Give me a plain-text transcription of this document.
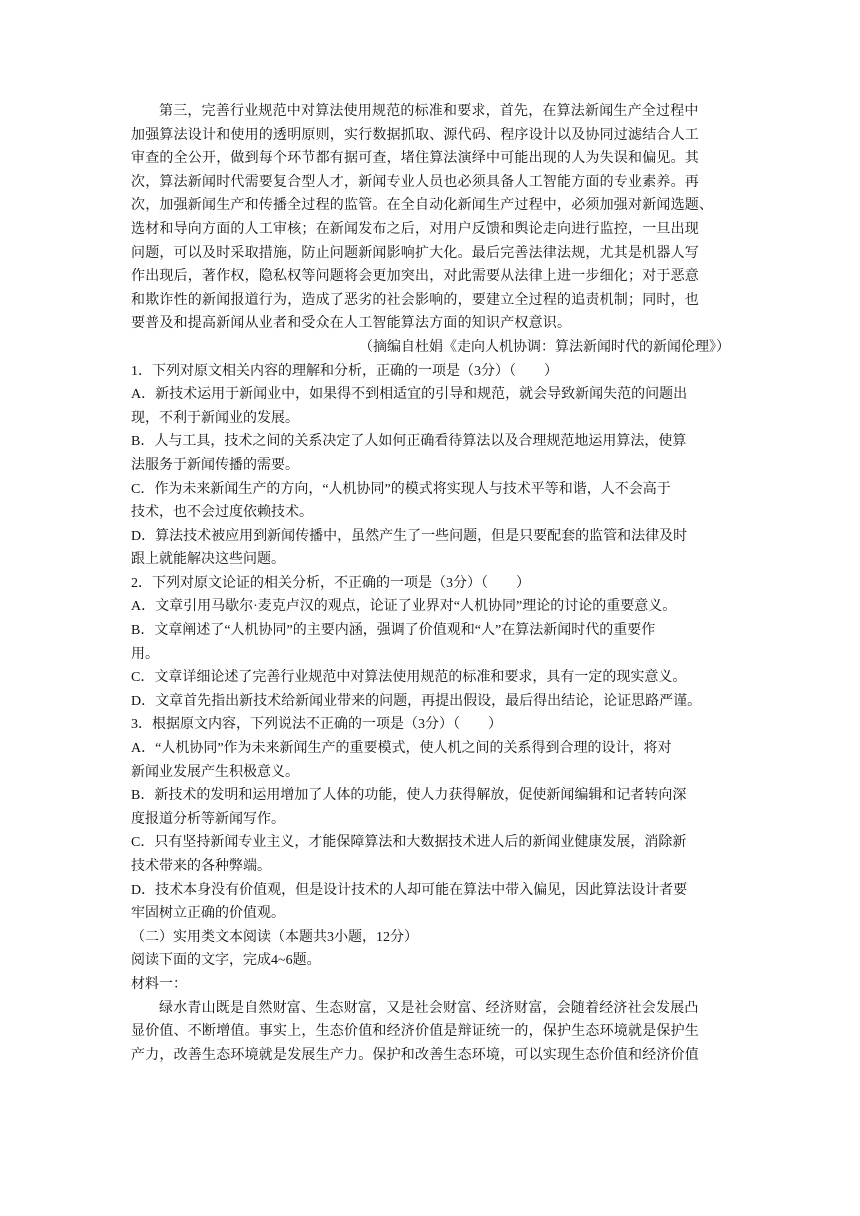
第三，完善行业规范中对算法使用规范的标准和要求，首先，在算法新闻生产全过程中
加强算法设计和使用的透明原则，实行数据抓取、源代码、程序设计以及协同过滤结合人工
审查的全公开，做到每个环节都有据可查，堵住算法演绎中可能出现的人为失误和偏见。其
次，算法新闻时代需要复合型人才，新闻专业人员也必须具备人工智能方面的专业素养。再
次，加强新闻生产和传播全过程的监管。在全自动化新闻生产过程中，必须加强对新闻选题、
选材和导向方面的人工审核；在新闻发布之后，对用户反馈和舆论走向进行监控，一旦出现
问题，可以及时采取措施，防止问题新闻影响扩大化。最后完善法律法规，尤其是机器人写
作出现后，著作权，隐私权等问题将会更加突出，对此需要从法律上进一步细化；对于恶意
和欺诈性的新闻报道行为，造成了恶劣的社会影响的，要建立全过程的追责机制；同时，也
要普及和提高新闻从业者和受众在人工智能算法方面的知识产权意识。
（摘编自杜娟《走向人机协调：算法新闻时代的新闻伦理》）
1．下列对原文相关内容的理解和分析，正确的一项是（3分）（　　）
A．新技术运用于新闻业中，如果得不到相适宜的引导和规范，就会导致新闻失范的问题出
现，不利于新闻业的发展。
B．人与工具，技术之间的关系决定了人如何正确看待算法以及合理规范地运用算法，使算
法服务于新闻传播的需要。
C．作为未来新闻生产的方向，“人机协同”的模式将实现人与技术平等和谐，人不会高于
技术，也不会过度依赖技术。
D．算法技术被应用到新闻传播中，虽然产生了一些问题，但是只要配套的监管和法律及时
跟上就能解决这些问题。
2．下列对原文论证的相关分析，不正确的一项是（3分）（　　）
A．文章引用马歇尔·麦克卢汉的观点，论证了业界对“人机协同”理论的讨论的重要意义。
B．文章阐述了“人机协同”的主要内涵，强调了价值观和“人”在算法新闻时代的重要作
用。
C．文章详细论述了完善行业规范中对算法使用规范的标准和要求，具有一定的现实意义。
D．文章首先指出新技术给新闻业带来的问题，再提出假设，最后得出结论，论证思路严谨。
3．根据原文内容，下列说法不正确的一项是（3分）（　　）
A．“人机协同”作为未来新闻生产的重要模式，使人机之间的关系得到合理的设计，将对
新闻业发展产生积极意义。
B．新技术的发明和运用增加了人体的功能，使人力获得解放，促使新闻编辑和记者转向深
度报道分析等新闻写作。
C．只有坚持新闻专业主义，才能保障算法和大数据技术进人后的新闻业健康发展，消除新
技术带来的各种弊端。
D．技术本身没有价值观，但是设计技术的人却可能在算法中带入偏见，因此算法设计者要
牢固树立正确的价值观。
（二）实用类文本阅读（本题共3小题，12分）
阅读下面的文字，完成4~6题。
材料一：
绿水青山既是自然财富、生态财富，又是社会财富、经济财富，会随着经济社会发展凸
显价值、不断增值。事实上，生态价值和经济价值是辩证统一的，保护生态环境就是保护生
产力，改善生态环境就是发展生产力。保护和改善生态环境，可以实现生态价值和经济价值
